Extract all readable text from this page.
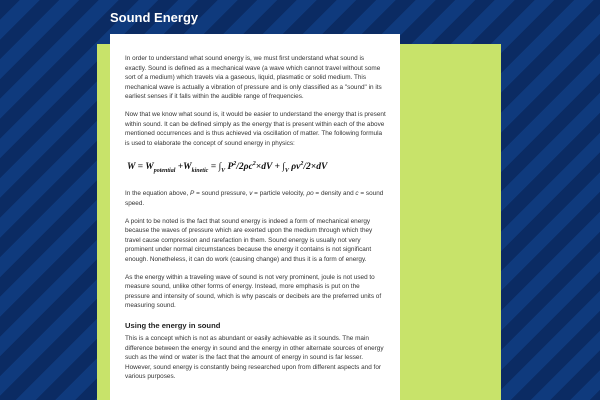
Sound Energy

In order to understand what sound energy is, we must first understand what sound is exactly. Sound is defined as a mechanical wave (a wave which cannot travel without some sort of a medium) which travels via a gaseous, liquid, plasmatic or solid medium. This mechanical wave is actually a vibration of pressure and is only classified as a "sound" in its earliest senses if it falls within the audible range of frequencies.

Now that we know what sound is, it would be easier to understand the energy that is present within sound. It can be defined simply as the energy that is present within each of the above mentioned occurrences and is thus achieved via oscillation of matter. The following formula is used to elaborate the concept of sound energy in physics:

$W = W_{potential} +W_{kinetic} = \int_V$ $P^2/2\rho c^2\times dV + \int_V$ $\rho v^2/2\times dV$

In the equation above, P = sound pressure, v = particle velocity, ρo = density and c = sound speed.

A point to be noted is the fact that sound energy is indeed a form of mechanical energy because the waves of pressure which are exerted upon the medium through which they travel cause compression and rarefaction in them. Sound energy is usually not very prominent under normal circumstances because the energy it contains is not significant enough. Nonetheless, it can do work (causing change) and thus it is a form of energy.

As the energy within a traveling wave of sound is not very prominent, joule is not used to measure sound, unlike other forms of energy. Instead, more emphasis is put on the pressure and intensity of sound, which is why pascals or decibels are the preferred units of measuring sound.

Using the energy in sound

This is a concept which is not as abundant or easily achievable as it sounds. The main difference between the energy in sound and the energy in other alternate sources of energy such as the wind or water is the fact that the amount of energy in sound is far lesser. However, sound energy is constantly being researched upon from different aspects and for various purposes.
